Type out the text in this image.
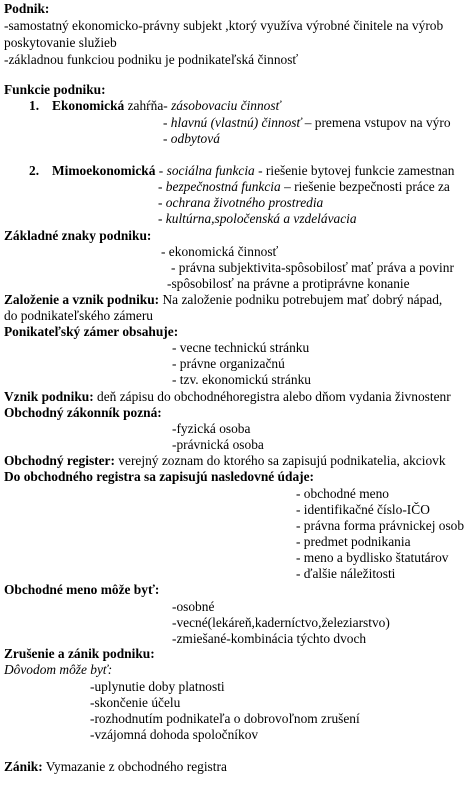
Podnik:
-samostatný ekonomicko-právny subjekt ,ktorý využíva výrobné činitele na výrob
poskytovanie služieb
-základnou funkciou podniku je podnikateľská činnosť
Funkcie podniku:
1. Ekonomická zahŕňa- zásobovaciu činnosť
- hlavnú (vlastnú) činnosť – premena vstupov na výro
- odbytová
2. Mimoekonomická - sociálna funkcia - riešenie bytovej funkcie zamestnan
- bezpečnostná funkcia – riešenie bezpečnosti práce za
- ochrana životného prostredia
- kultúrna,spoločenská a vzdelávacia
Základné znaky podniku:
- ekonomická činnosť
- právna subjektivita-spôsobilosť mať práva a povinr
-spôsobilosť na právne a protiprávne konanie
Založenie a vznik podniku: Na založenie podniku potrebujem mať dobrý nápad,
do podnikateľského zámeru
Ponikateľský zámer obsahuje:
- vecne technickú stránku
- právne organizačnú
- tzv. ekonomickú stránku
Vznik podniku: deň zápisu do obchodnéhoregistra alebo dňom vydania živnostenr
Obchodný zákonník pozná:
-fyzická osoba
-právnická osoba
Obchodný register: verejný zoznam do ktorého sa zapisujú podnikatelia, akciovk
Do obchodného registra sa zapisujú nasledovné údaje:
- obchodné meno
- identifikačné číslo-IČO
- právna forma právnickej osob
- predmet podnikania
- meno a bydlisko štatutárov
- ďalšie náležitosti
Obchodné meno môže byť:
-osobné
-vecné(lekáreň,kaderníctvo,železiarstvo)
-zmiešané-kombinácia týchto dvoch
Zrušenie a zánik podniku:
Dôvodom môže byť:
-uplynutie doby platnosti
-skončenie účelu
-rozhodnutím podnikateľa o dobrovoľnom zrušení
-vzájomná dohoda spoločníkov
Zánik: Vymazanie z obchodného registra
